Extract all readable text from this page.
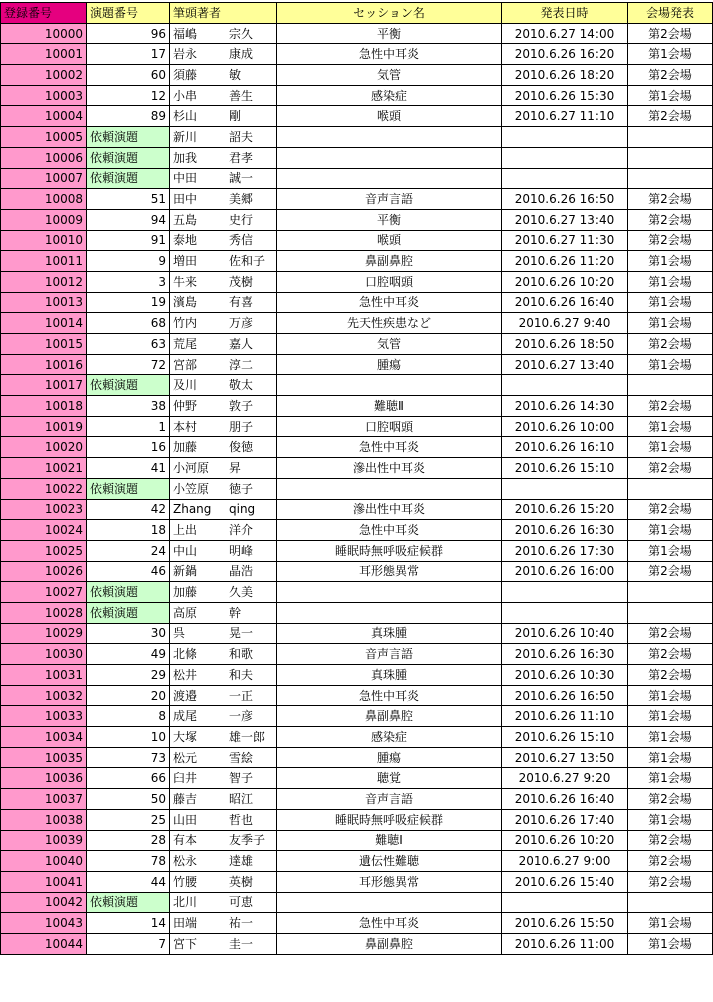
登録番号	演題番号	筆頭著者	セッション名	発表日時	会場発表
10000	96	福嶋 宗久	平衡	2010.6.27 14:00	第2会場
10001	17	岩永 康成	急性中耳炎	2010.6.26 16:20	第1会場
10002	60	須藤 敏	気管	2010.6.26 18:20	第2会場
10003	12	小串 善生	感染症	2010.6.26 15:30	第1会場
10004	89	杉山 剛	喉頭	2010.6.27 11:10	第2会場
10005	依頼演題	新川 詔夫			
10006	依頼演題	加我 君孝			
10007	依頼演題	中田 誠一			
10008	51	田中 美郷	音声言語	2010.6.26 16:50	第2会場
10009	94	五島 史行	平衡	2010.6.27 13:40	第2会場
10010	91	泰地 秀信	喉頭	2010.6.27 11:30	第2会場
10011	9	増田 佐和子	鼻副鼻腔	2010.6.26 11:20	第1会場
10012	3	牛来 茂樹	口腔咽頭	2010.6.26 10:20	第1会場
10013	19	濱島 有喜	急性中耳炎	2010.6.26 16:40	第1会場
10014	68	竹内 万彦	先天性疾患など	2010.6.27 9:40	第1会場
10015	63	荒尾 嘉人	気管	2010.6.26 18:50	第2会場
10016	72	宮部 淳二	腫瘍	2010.6.27 13:40	第1会場
10017	依頼演題	及川 敬太			
10018	38	仲野 敦子	難聴Ⅱ	2010.6.26 14:30	第2会場
10019	1	本村 朋子	口腔咽頭	2010.6.26 10:00	第1会場
10020	16	加藤 俊徳	急性中耳炎	2010.6.26 16:10	第1会場
10021	41	小河原 昇	滲出性中耳炎	2010.6.26 15:10	第2会場
10022	依頼演題	小笠原 徳子			
10023	42	Zhang qing	滲出性中耳炎	2010.6.26 15:20	第2会場
10024	18	上出 洋介	急性中耳炎	2010.6.26 16:30	第1会場
10025	24	中山 明峰	睡眠時無呼吸症候群	2010.6.26 17:30	第1会場
10026	46	新鍋 晶浩	耳形態異常	2010.6.26 16:00	第2会場
10027	依頼演題	加藤 久美			
10028	依頼演題	高原 幹			
10029	30	呉 晃一	真珠腫	2010.6.26 10:40	第2会場
10030	49	北條 和歌	音声言語	2010.6.26 16:30	第2会場
10031	29	松井 和夫	真珠腫	2010.6.26 10:30	第2会場
10032	20	渡邉 一正	急性中耳炎	2010.6.26 16:50	第1会場
10033	8	成尾 一彦	鼻副鼻腔	2010.6.26 11:10	第1会場
10034	10	大塚 雄一郎	感染症	2010.6.26 15:10	第1会場
10035	73	松元 雪絵	腫瘍	2010.6.27 13:50	第1会場
10036	66	臼井 智子	聴覚	2010.6.27 9:20	第1会場
10037	50	藤吉 昭江	音声言語	2010.6.26 16:40	第2会場
10038	25	山田 哲也	睡眠時無呼吸症候群	2010.6.26 17:40	第1会場
10039	28	有本 友季子	難聴Ⅰ	2010.6.26 10:20	第2会場
10040	78	松永 達雄	遺伝性難聴	2010.6.27 9:00	第2会場
10041	44	竹腰 英樹	耳形態異常	2010.6.26 15:40	第2会場
10042	依頼演題	北川 可恵			
10043	14	田端 祐一	急性中耳炎	2010.6.26 15:50	第1会場
10044	7	宮下 圭一	鼻副鼻腔	2010.6.26 11:00	第1会場
